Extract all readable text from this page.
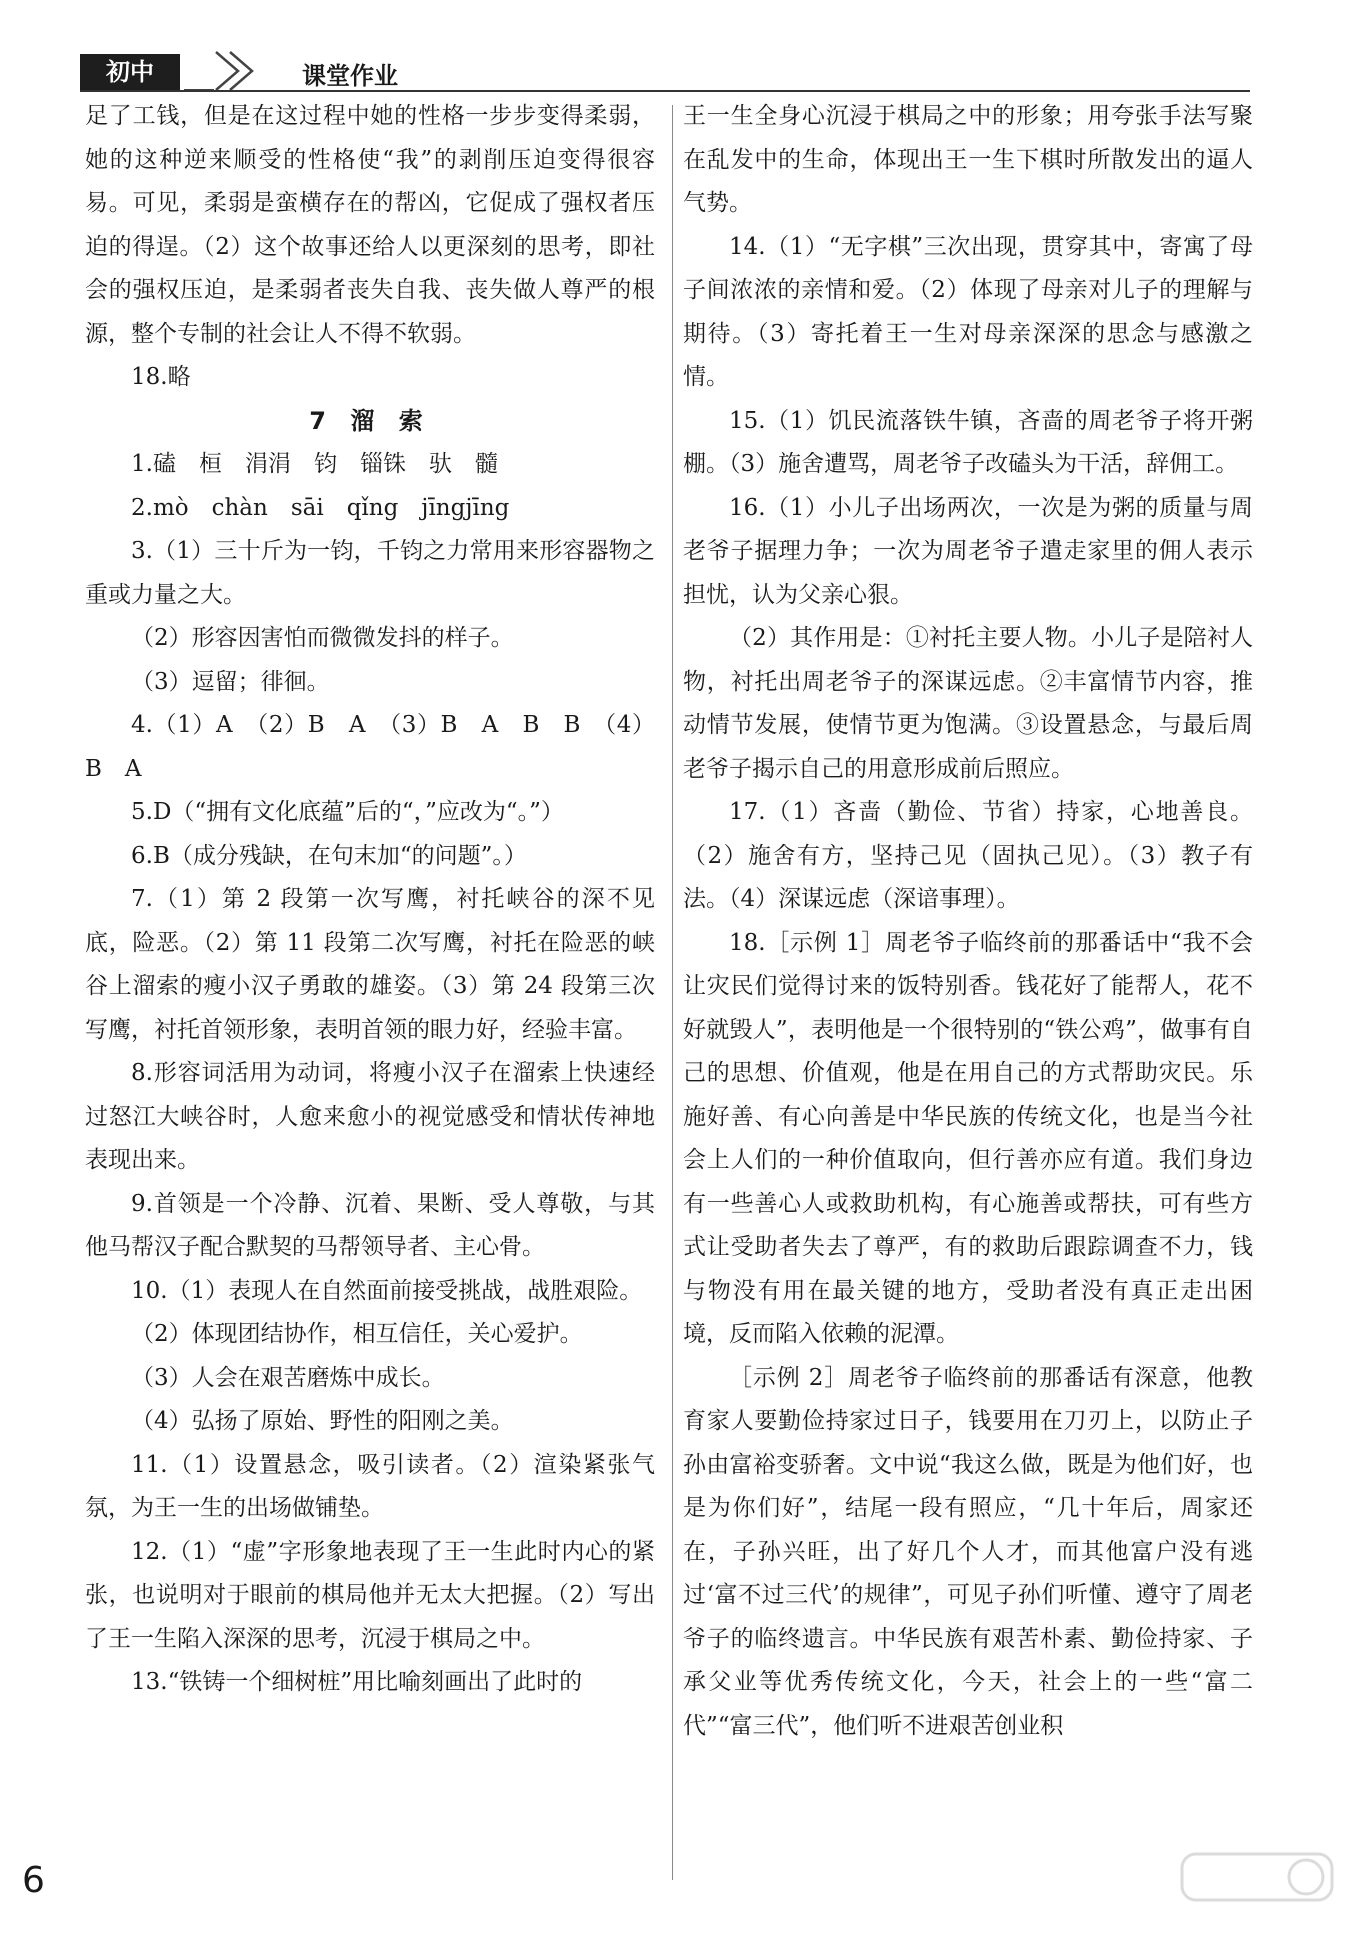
初中	课堂作业

足了工钱，但是在这过程中她的性格一步步变得柔弱，她的这种逆来顺受的性格使“我”的剥削压迫变得很容易。可见，柔弱是蛮横存在的帮凶，它促成了强权者压迫的得逞。（2）这个故事还给人以更深刻的思考，即社会的强权压迫，是柔弱者丧失自我、丧失做人尊严的根源，整个专制的社会让人不得不软弱。

18.略

7 溜 索

1.磕　桓　涓涓　钧　锱铢　驮　髓

2.mò　chàn　sāi　qǐng　jīngjīng

3.（1）三十斤为一钧，千钧之力常用来形容器物之重或力量之大。

（2）形容因害怕而微微发抖的样子。

（3）逗留；徘徊。

4.（1）A　（2）B　A　（3）B　A　B　B　（4）B　A

5.D（“拥有文化底蕴”后的“，”应改为“。”）

6.B（成分残缺，在句末加“的问题”。）

7.（1）第 2 段第一次写鹰，衬托峡谷的深不见底，险恶。（2）第 11 段第二次写鹰，衬托在险恶的峡谷上溜索的瘦小汉子勇敢的雄姿。（3）第 24 段第三次写鹰，衬托首领形象，表明首领的眼力好，经验丰富。

8.形容词活用为动词，将瘦小汉子在溜索上快速经过怒江大峡谷时，人愈来愈小的视觉感受和情状传神地表现出来。

9.首领是一个冷静、沉着、果断、受人尊敬，与其他马帮汉子配合默契的马帮领导者、主心骨。

10.（1）表现人在自然面前接受挑战，战胜艰险。

（2）体现团结协作，相互信任，关心爱护。

（3）人会在艰苦磨炼中成长。

（4）弘扬了原始、野性的阳刚之美。

11.（1）设置悬念，吸引读者。（2）渲染紧张气氛，为王一生的出场做铺垫。

12.（1）“虚”字形象地表现了王一生此时内心的紧张，也说明对于眼前的棋局他并无太大把握。（2）写出了王一生陷入深深的思考，沉浸于棋局之中。

13.“铁铸一个细树桩”用比喻刻画出了此时的

王一生全身心沉浸于棋局之中的形象；用夸张手法写聚在乱发中的生命，体现出王一生下棋时所散发出的逼人气势。

14.（1）“无字棋”三次出现，贯穿其中，寄寓了母子间浓浓的亲情和爱。（2）体现了母亲对儿子的理解与期待。（3）寄托着王一生对母亲深深的思念与感激之情。

15.（1）饥民流落铁牛镇，吝啬的周老爷子将开粥棚。（3）施舍遭骂，周老爷子改磕头为干活，辞佣工。

16.（1）小儿子出场两次，一次是为粥的质量与周老爷子据理力争；一次为周老爷子遣走家里的佣人表示担忧，认为父亲心狠。

（2）其作用是：①衬托主要人物。小儿子是陪衬人物，衬托出周老爷子的深谋远虑。②丰富情节内容，推动情节发展，使情节更为饱满。③设置悬念，与最后周老爷子揭示自己的用意形成前后照应。

17.（1）吝啬（勤俭、节省）持家，心地善良。（2）施舍有方，坚持己见（固执己见）。（3）教子有法。（4）深谋远虑（深谙事理）。

18.［示例 1］周老爷子临终前的那番话中“我不会让灾民们觉得讨来的饭特别香。钱花好了能帮人，花不好就毁人”，表明他是一个很特别的“铁公鸡”，做事有自己的思想、价值观，他是在用自己的方式帮助灾民。乐施好善、有心向善是中华民族的传统文化，也是当今社会上人们的一种价值取向，但行善亦应有道。我们身边有一些善心人或救助机构，有心施善或帮扶，可有些方式让受助者失去了尊严，有的救助后跟踪调查不力，钱与物没有用在最关键的地方，受助者没有真正走出困境，反而陷入依赖的泥潭。

［示例 2］周老爷子临终前的那番话有深意，他教育家人要勤俭持家过日子，钱要用在刀刃上，以防止子孙由富裕变骄奢。文中说“我这么做，既是为他们好，也是为你们好”，结尾一段有照应，“几十年后，周家还在，子孙兴旺，出了好几个人才，而其他富户没有逃过‘富不过三代’的规律”，可见子孙们听懂、遵守了周老爷子的临终遗言。中华民族有艰苦朴素、勤俭持家、子承父业等优秀传统文化，今天，社会上的一些“富二代”“富三代”，他们听不进艰苦创业积

6
